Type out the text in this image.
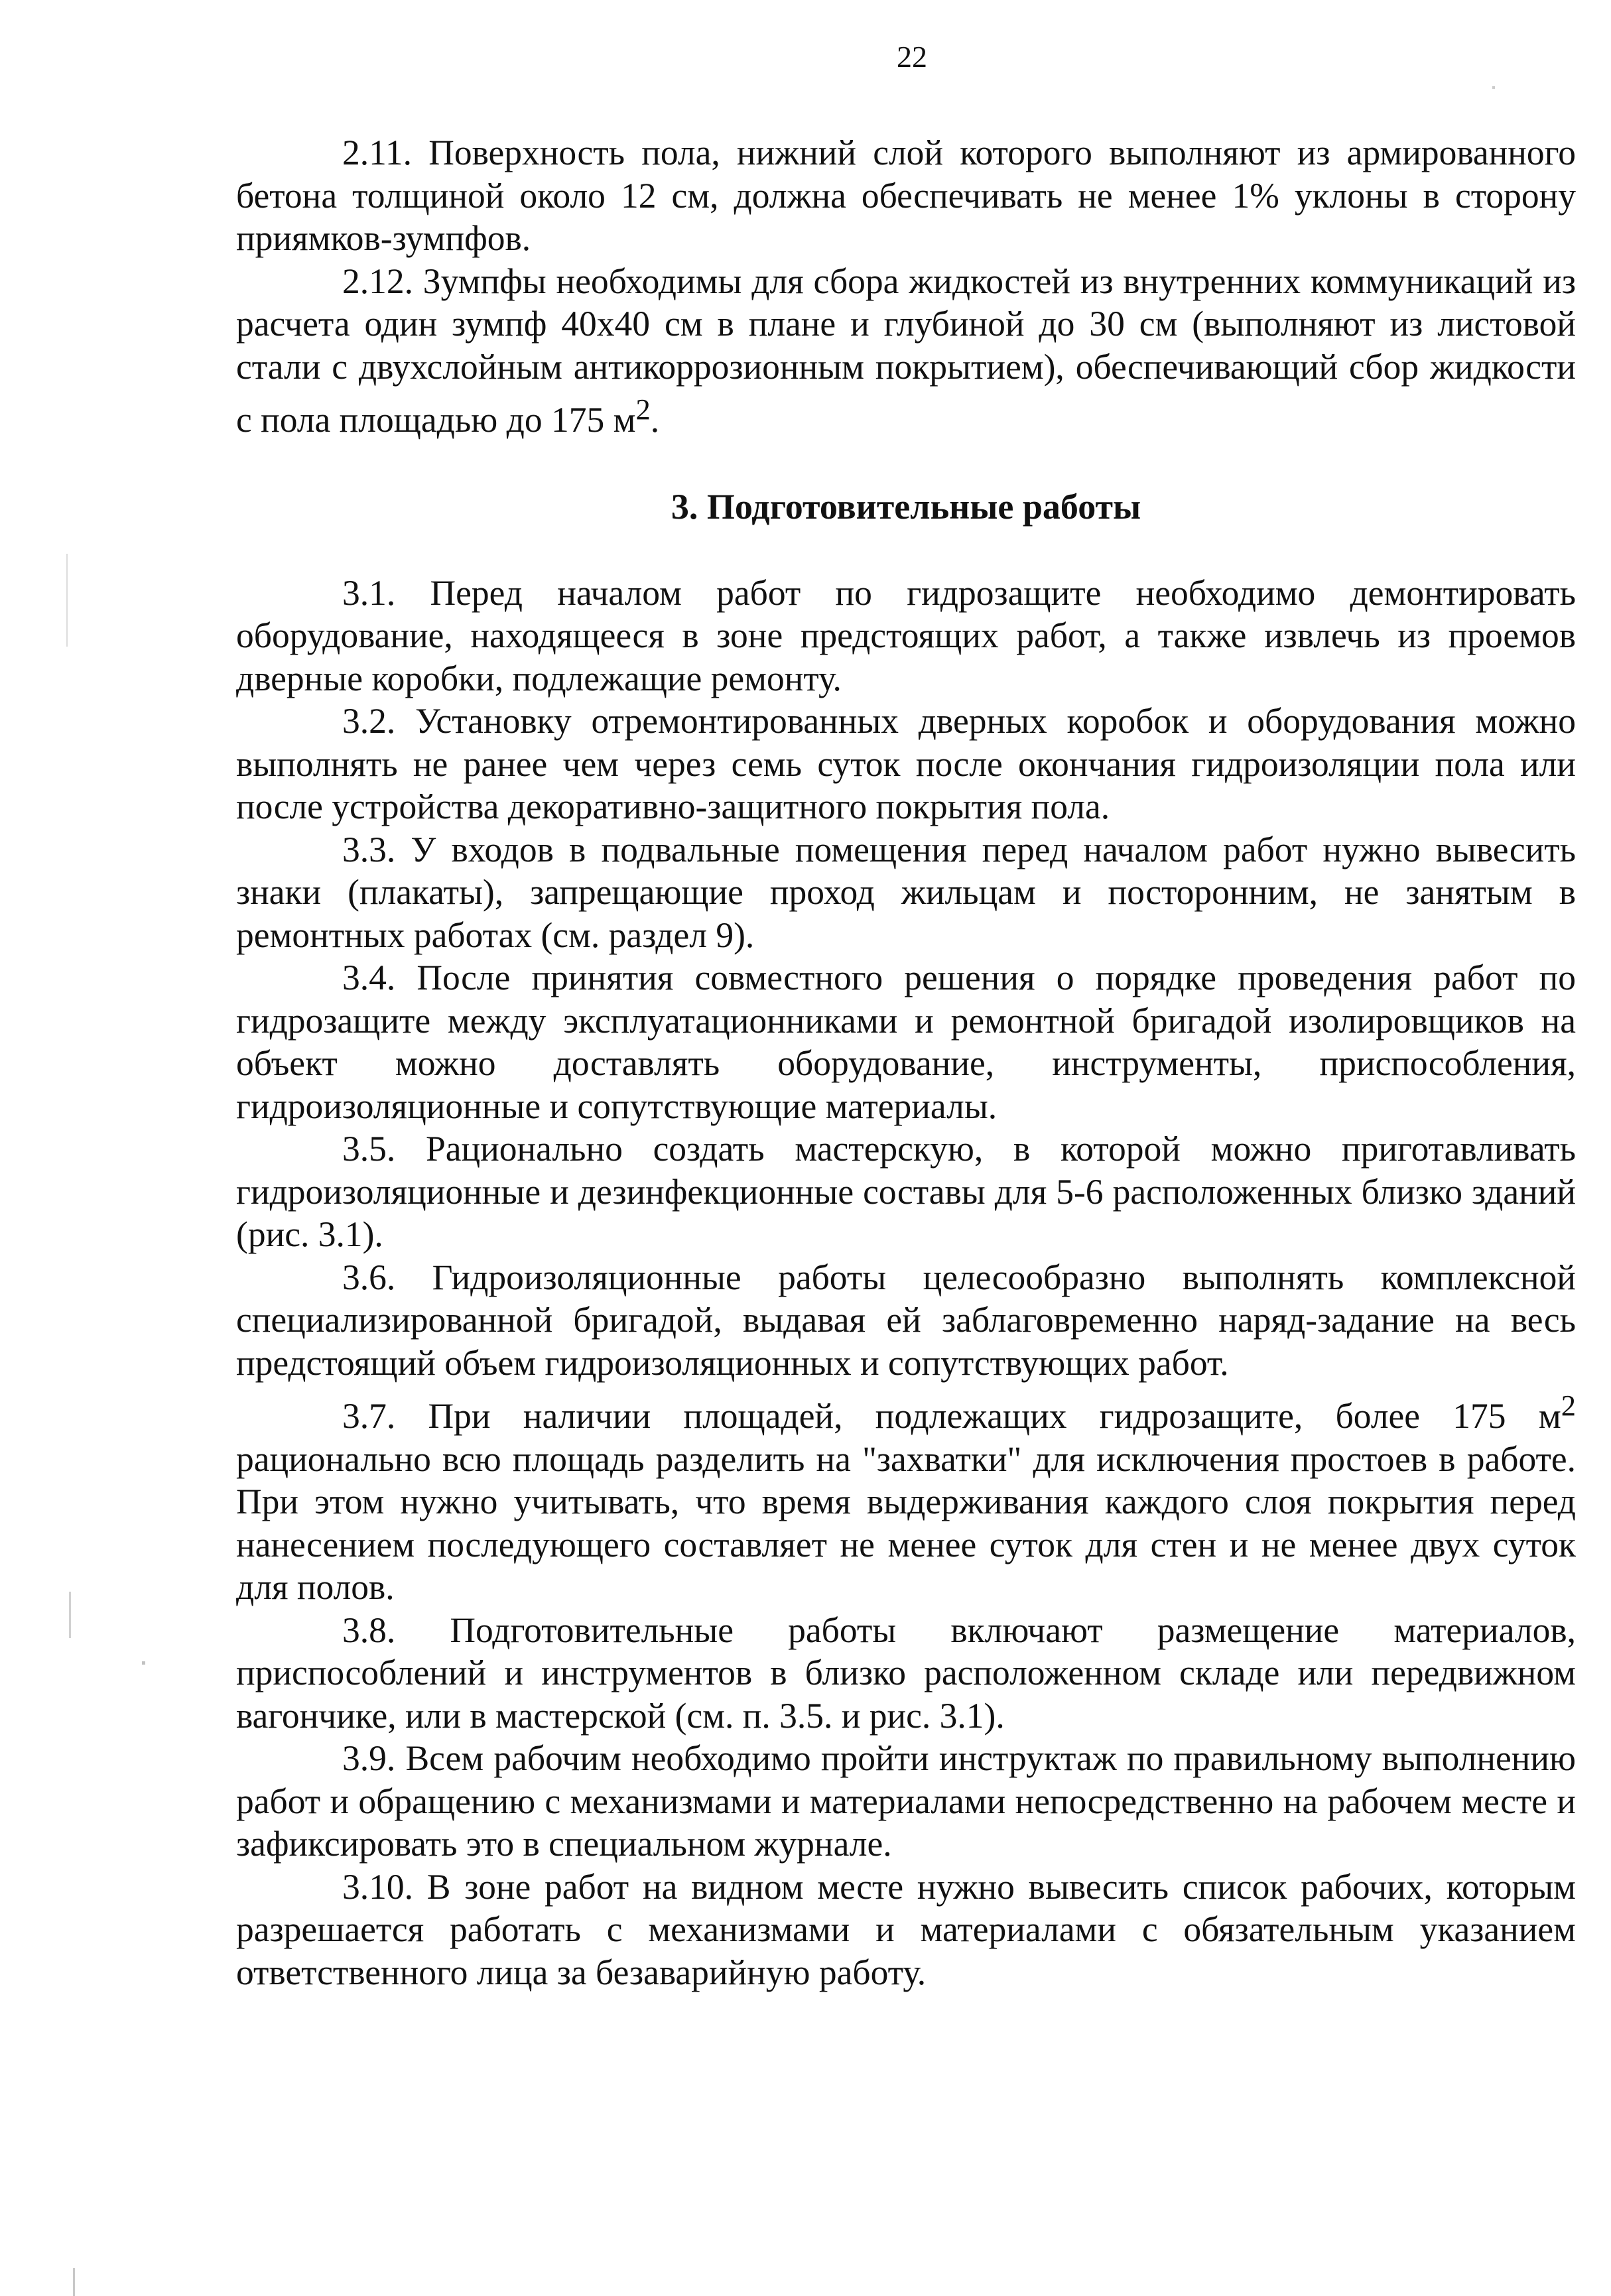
22

2.11. Поверхность пола, нижний слой которого выполняют из армированного бетона толщиной около 12 см, должна обеспечивать не менее 1% уклоны в сторону приямков-зумпфов.

2.12. Зумпфы необходимы для сбора жидкостей из внутренних коммуникаций из расчета один зумпф 40х40 см в плане и глубиной до 30 см (выполняют из листовой стали с двухслойным антикоррозионным покрытием), обеспечивающий сбор жидкости с пола площадью до 175 $м^2$.

3. Подготовительные работы

3.1. Перед началом работ по гидрозащите необходимо демонтировать оборудование, находящееся в зоне предстоящих работ, а также извлечь из проемов дверные коробки, подлежащие ремонту.

3.2. Установку отремонтированных дверных коробок и оборудования можно выполнять не ранее чем через семь суток после окончания гидроизоляции пола или после устройства декоративно-защитного покрытия пола.

3.3. У входов в подвальные помещения перед началом работ нужно вывесить знаки (плакаты), запрещающие проход жильцам и посторонним, не занятым в ремонтных работах (см. раздел 9).

3.4. После принятия совместного решения о порядке проведения работ по гидрозащите между эксплуатационниками и ремонтной бригадой изолировщиков на объект можно доставлять оборудование, инструменты, приспособления, гидроизоляционные и сопутствующие материалы.

3.5. Рационально создать мастерскую, в которой можно приготавливать гидроизоляционные и дезинфекционные составы для 5-6 расположенных близко зданий (рис. 3.1).

3.6. Гидроизоляционные работы целесообразно выполнять комплексной специализированной бригадой, выдавая ей заблаговременно наряд-задание на весь предстоящий объем гидроизоляционных и сопутствующих работ.

3.7. При наличии площадей, подлежащих гидрозащите, более 175 $м^2$ рационально всю площадь разделить на "захватки" для исключения простоев в работе. При этом нужно учитывать, что время выдерживания каждого слоя покрытия перед нанесением последующего составляет не менее суток для стен и не менее двух суток для полов.

3.8. Подготовительные работы включают размещение материалов, приспособлений и инструментов в близко расположенном складе или передвижном вагончике, или в мастерской (см. п. 3.5. и рис. 3.1).

3.9. Всем рабочим необходимо пройти инструктаж по правильному выполнению работ и обращению с механизмами и материалами непосредственно на рабочем месте и зафиксировать это в специальном журнале.

3.10. В зоне работ на видном месте нужно вывесить список рабочих, которым разрешается работать с механизмами и материалами с обязательным указанием ответственного лица за безаварийную работу.
